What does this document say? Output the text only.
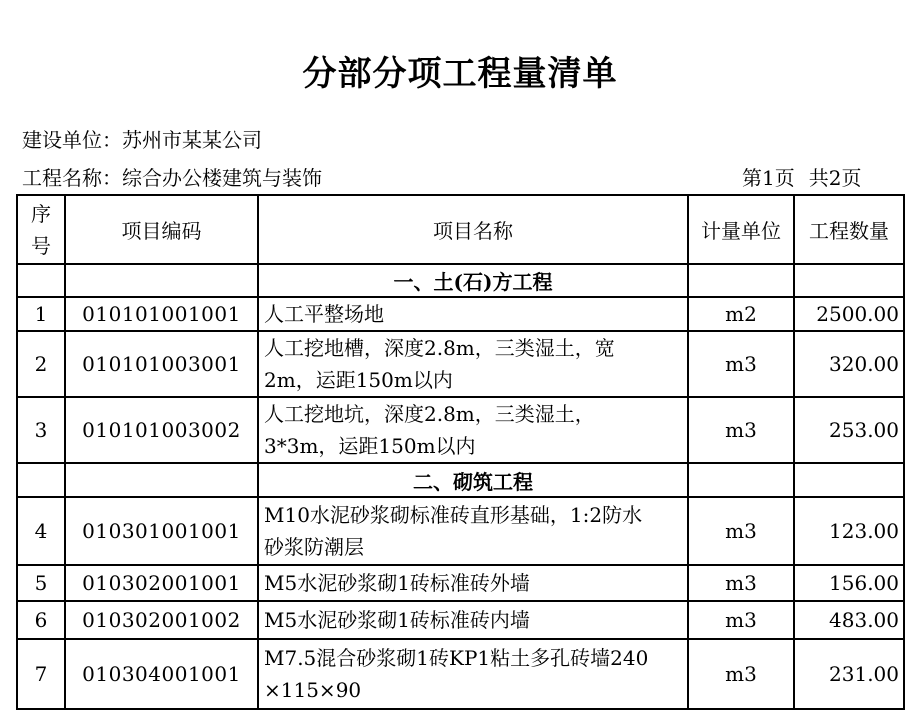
分部分项工程量清单
建设单位：苏州市某某公司
工程名称：综合办公楼建筑与装饰	第1页 共2页
序
号	项目编码	项目名称	计量单位	工程数量
		一、土(石)方工程		
1	010101001001	人工平整场地	m2	2500.00
2	010101003001	人工挖地槽，深度2.8m，三类湿土，宽
2m，运距150m以内	m3	320.00
3	010101003002	人工挖地坑，深度2.8m，三类湿土，
3*3m，运距150m以内	m3	253.00
		二、砌筑工程		
4	010301001001	M10水泥砂浆砌标准砖直形基础，1:2防水
砂浆防潮层	m3	123.00
5	010302001001	M5水泥砂浆砌1砖标准砖外墙	m3	156.00
6	010302001002	M5水泥砂浆砌1砖标准砖内墙	m3	483.00
7	010304001001	M7.5混合砂浆砌1砖KP1粘土多孔砖墙240
×115×90	m3	231.00
